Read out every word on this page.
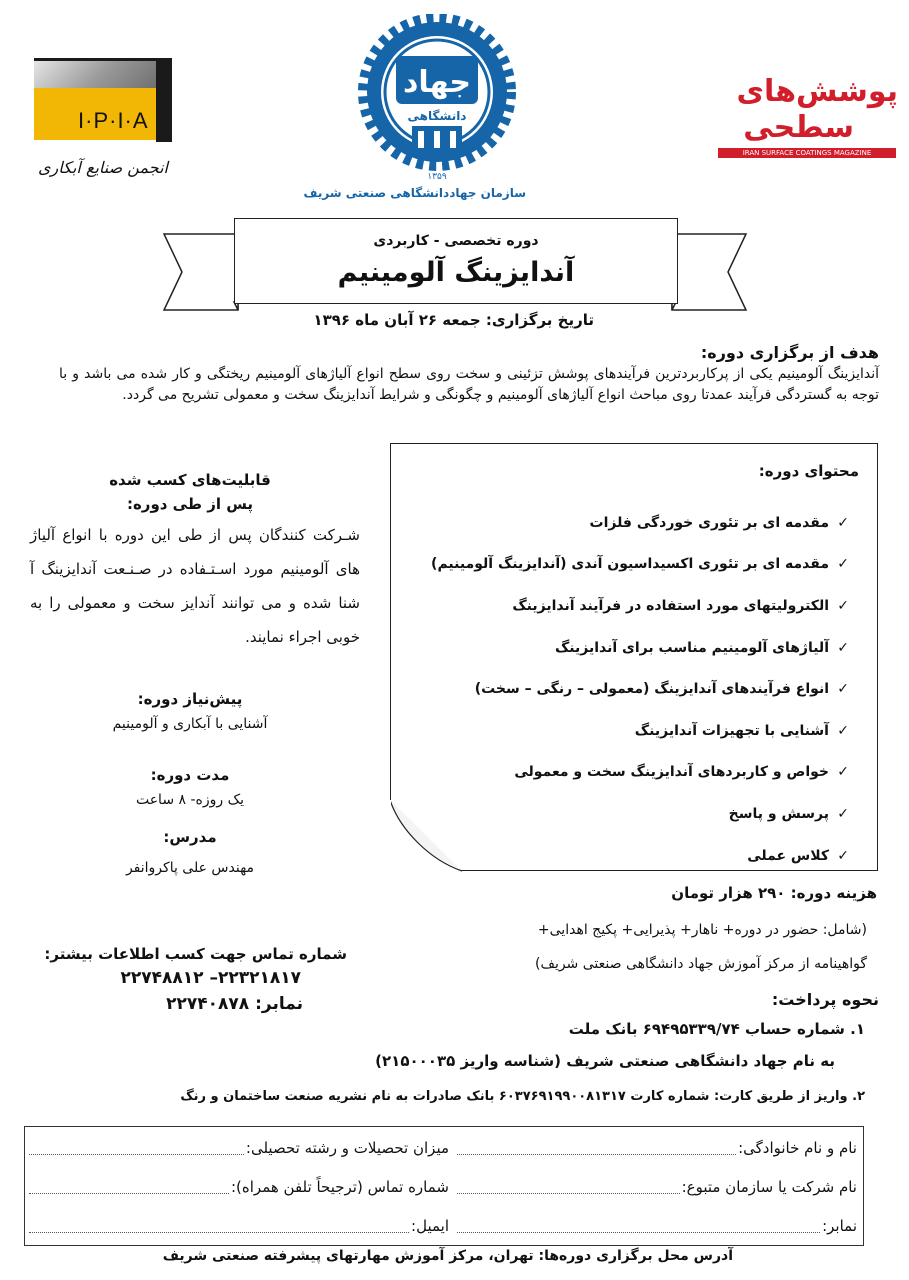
I·P·I·A
انجمن صنایع آبکاری
جهاد
دانشگاهی
۱۳۵۹
سازمان جهاددانشگاهی صنعتی شریف
پوشش‌های
سطحی
IRAN SURFACE COATINGS MAGAZINE
دوره تخصصی - کاربردی
آندایزینگ آلومینیم
تاریخ برگزاری: جمعه ۲۶ آبان ماه ۱۳۹۶
هدف از برگزاری دوره:
آندایزینگ آلومینیم یکی از پرکاربردترین فرآیندهای پوشش تزئینی و سخت روی سطح انواع آلیاژهای آلومینیم ریختگی و کار شده می باشد و با توجه به گستردگی فرآیند عمدتا روی مباحث انواع آلیاژهای آلومینیم و چگونگی و شرایط آندایزینگ سخت و معمولی تشریح می گردد.
محتوای دوره:
✓
مقدمه ای بر تئوری خوردگی فلزات
✓
مقدمه ای بر تئوری اکسیداسیون آندی (آندایزینگ آلومینیم)
✓
الکترولیتهای مورد استفاده در فرآیند آندایزینگ
✓
آلیاژهای آلومینیم مناسب برای آندایزینگ
✓
انواع فرآیندهای آندایزینگ (معمولی – رنگی – سخت)
✓
آشنایی با تجهیزات آندایزینگ
✓
خواص و کاربردهای آندایزینگ سخت و معمولی
✓
پرسش و پاسخ
✓
کلاس عملی
قابلیت‌های کسب شده
پس از طی دوره:
شـرکت کنندگان پس از طی این دوره با انواع آلیاژ های آلومینیم مورد اسـتـفاده در صـنـعت آندایزینگ آ شنا شده و می توانند آندایز سخت و معمولی را به خوبی اجراء نمایند.
پیش‌نیاز دوره:
آشنایی با آبکاری و آلومینیم
مدت دوره:
یک روزه- ۸ ساعت
مدرس:
مهندس علی پاکروانفر
شماره تماس جهت کسب اطلاعات بیشتر:
۲۲۳۲۱۸۱۷– ۲۲۷۴۸۸۱۲
نمابر: ۲۲۷۴۰۸۷۸
هزینه دوره: ۲۹۰ هزار تومان
(شامل: حضور در دوره+ ناهار+ پذیرایی+ پکیج اهدایی+
گواهینامه از مرکز آموزش جهاد دانشگاهی صنعتی شریف)
نحوه پرداخت:
۱. شماره حساب ۶۹۴۹۵۳۳۹/۷۴ بانک ملت
به نام جهاد دانشگاهی صنعتی شریف (شناسه واریز ۲۱۵۰۰۰۳۵)
۲. واریز از طریق کارت: شماره کارت ۶۰۳۷۶۹۱۹۹۰۰۸۱۳۱۷ بانک صادرات به نام نشریه صنعت ساختمان و رنگ
نام و نام خانوادگی:
میزان تحصیلات و رشته تحصیلی:
نام شرکت یا سازمان متبوع:
شماره تماس (ترجیحاً تلفن همراه):
نمابر:
ایمیل:
آدرس محل برگزاری دوره‌ها: تهران، مرکز آموزش مهارتهای پیشرفته صنعتی شریف
